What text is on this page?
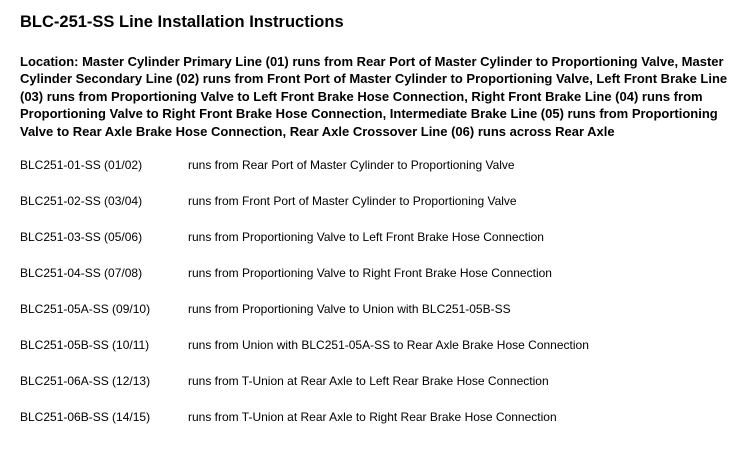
BLC-251-SS Line Installation Instructions
Location: Master Cylinder Primary Line (01) runs from Rear Port of Master Cylinder to Proportioning Valve, Master Cylinder Secondary Line (02) runs from Front Port of Master Cylinder to Proportioning Valve, Left Front Brake Line (03) runs from Proportioning Valve to Left Front Brake Hose Connection, Right Front Brake Line (04) runs from Proportioning Valve to Right Front Brake Hose Connection, Intermediate Brake Line (05) runs from Proportioning Valve to Rear Axle Brake Hose Connection, Rear Axle Crossover Line (06) runs across Rear Axle
BLC251-01-SS (01/02)	runs from Rear Port of Master Cylinder to Proportioning Valve
BLC251-02-SS (03/04)	runs from Front Port of Master Cylinder to Proportioning Valve
BLC251-03-SS (05/06)	runs from Proportioning Valve to Left Front Brake Hose Connection
BLC251-04-SS (07/08)	runs from Proportioning Valve to Right Front Brake Hose Connection
BLC251-05A-SS (09/10)	runs from Proportioning Valve to Union with BLC251-05B-SS
BLC251-05B-SS (10/11)	runs from Union with BLC251-05A-SS to Rear Axle Brake Hose Connection
BLC251-06A-SS (12/13)	runs from T-Union at Rear Axle to Left Rear Brake Hose Connection
BLC251-06B-SS (14/15)	runs from T-Union at Rear Axle to Right Rear Brake Hose Connection
